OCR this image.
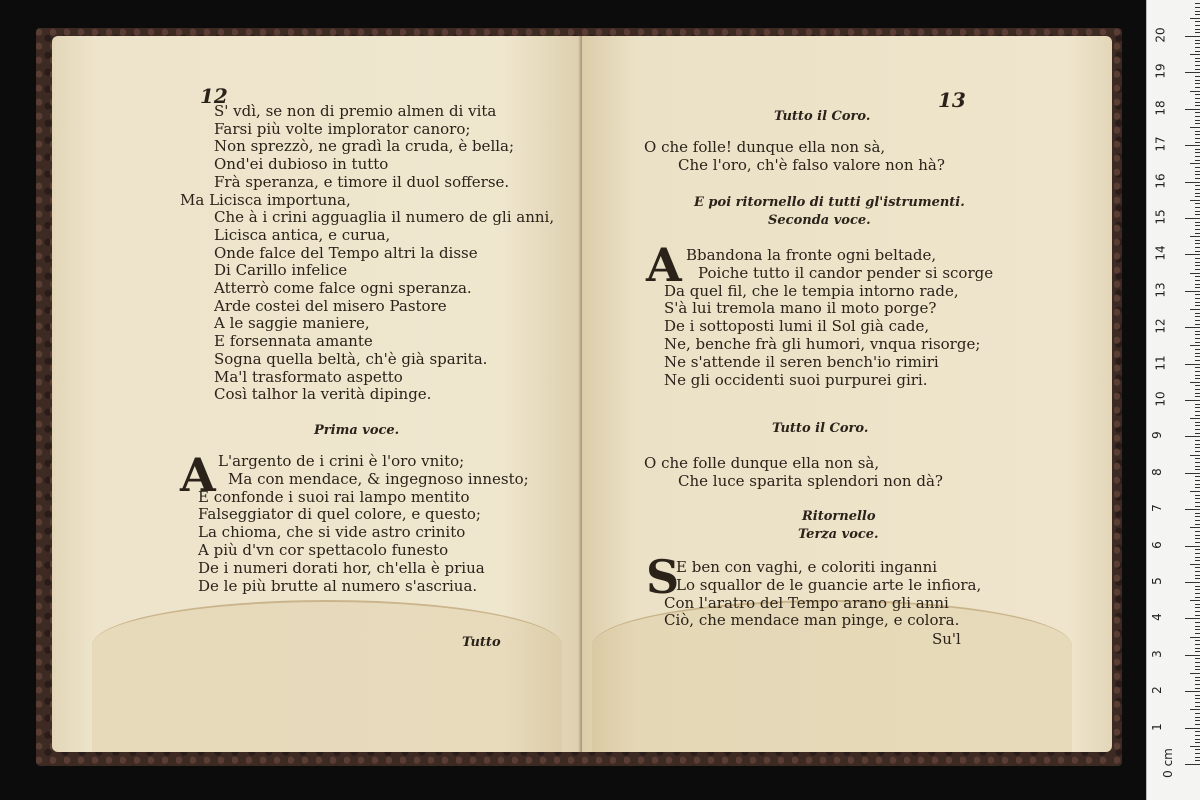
12
S' vdì, se non di premio almen di vita
Farsi più volte implorator canoro;
Non sprezzò, ne gradì la cruda, è bella;
Ond'ei dubioso in tutto
Frà speranza, e timore il duol sofferse.
Ma Licisca importuna,
Che à i crini agguaglia il numero de gli anni,
Licisca antica, e curua,
Onde falce del Tempo altri la disse
Di Carillo infelice
Atterrò come falce ogni speranza.
Arde costei del misero Pastore
A le saggie maniere,
E forsennata amante
Sogna quella beltà, ch'è già sparita.
Ma'l trasformato aspetto
Così talhor la verità dipinge.
Prima voce.
A L'argento de i crini è l'oro vnito;
Ma con mendace, & ingegnoso innesto;
E confonde i suoi rai lampo mentito
Falseggiator di quel colore, e questo;
La chioma, che si vide astro crinito
A più d'vn cor spettacolo funesto
De i numeri dorati hor, ch'ella è priua
De le più brutte al numero s'ascriua.
Tutto
13
Tutto il Coro.
O che folle! dunque ella non sà,
Che l'oro, ch'è falso valore non hà?
E poi ritornello di tutti gl'istrumenti.
Seconda voce.
A Bbandona la fronte ogni beltade,
Poiche tutto il candor pender si scorge
Da quel fil, che le tempia intorno rade,
S'à lui tremola mano il moto porge?
De i sottoposti lumi il Sol già cade,
Ne, benche frà gli humori, vnqua risorge;
Ne s'attende il seren bench'io rimiri
Ne gli occidenti suoi purpurei giri.
Tutto il Coro.
O che folle dunque ella non sà,
Che luce sparita splendori non dà?
Ritornello
Terza voce.
S
E ben con vaghi, e coloriti inganni
Lo squallor de le guancie arte le infiora,
Con l'aratro del Tempo arano gli anni
Ciò, che mendace man pinge, e colora.
Su'l
0 cm
1
2
3
4
5
6
7
8
9
10
11
12
13
14
15
16
17
18
19
20
